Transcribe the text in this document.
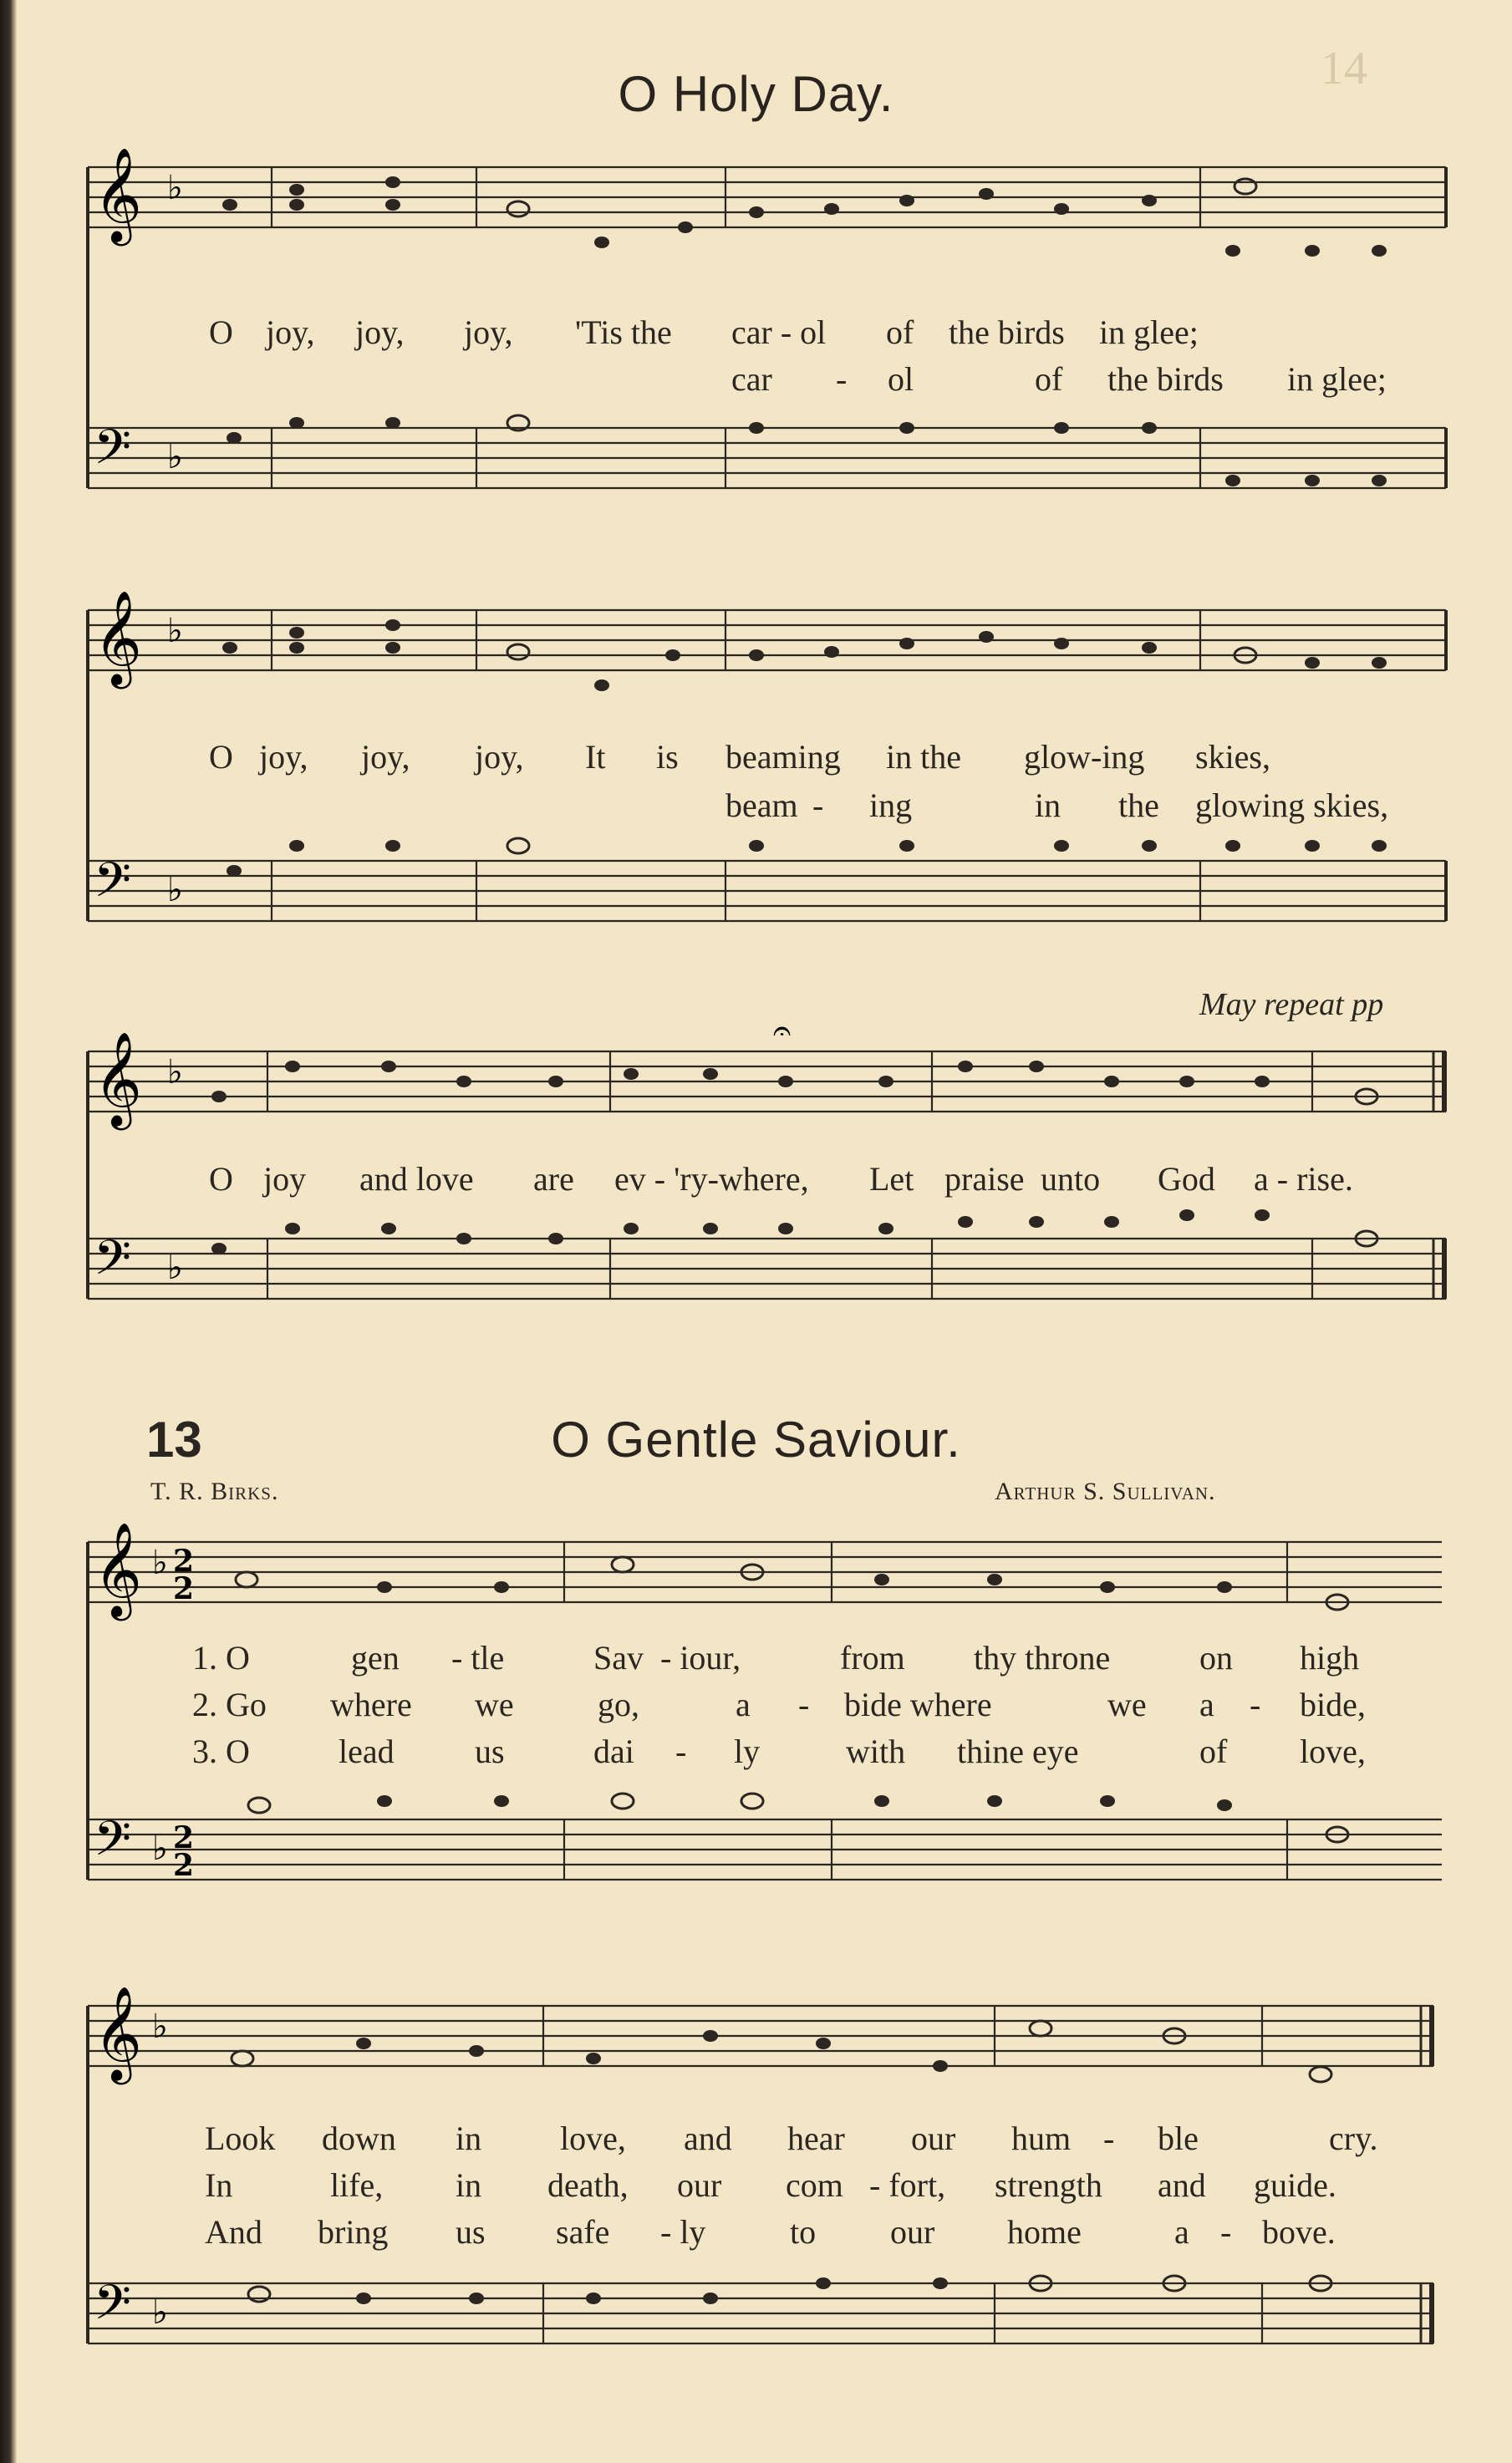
O Holy Day.
𝄞
𝄢
♭
♭
O joy, joy, joy, 'Tis the car - ol of the birds in glee;
car - ol	of the birds in glee;
𝄞
𝄢
♭
♭
O joy, joy, joy, It is beaming in the glow-ing skies,
beam - ing	in the glowing skies,
May repeat pp
𝄞
𝄢
♭
♭
𝄐
O joy and love are ev - 'ry-where, Let praise unto God a - rise.
13	O Gentle Saviour.
T. R. Birks.	Arthur S. Sullivan.
𝄞
𝄢
♭
♭
2
2
2
2
1. O	gen - tle	Sav - iour,	from thy throne	on high
2. Go where we	go,	a - bide where	we a - bide,
3. O	lead us	dai - ly	with thine eye	of love,
𝄞
𝄢
♭
♭
Look down in love, and hear our hum - ble	cry.
In	life, in death, our com - fort, strength and guide.
And bring us safe - ly	to our home	a - bove.
14
